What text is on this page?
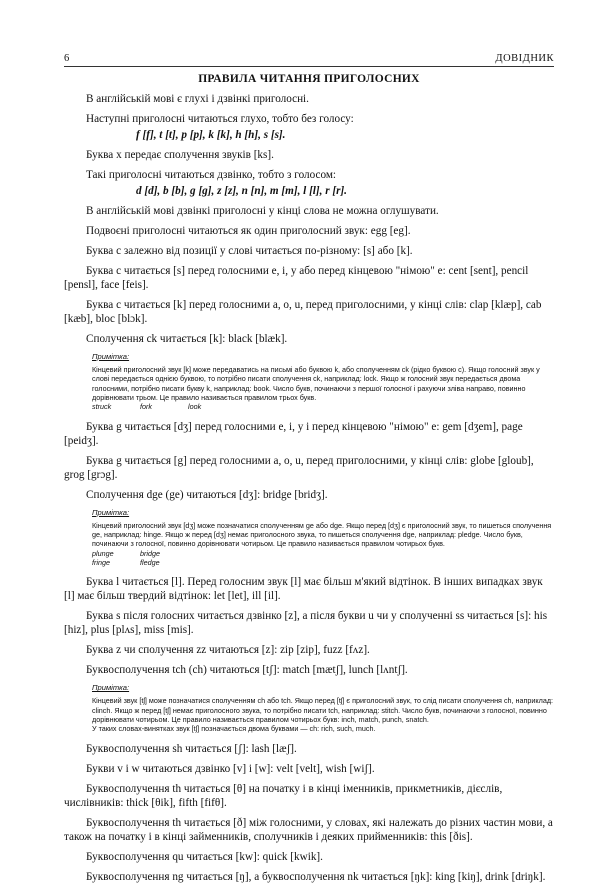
6	ДОВІДНИК
ПРАВИЛА ЧИТАННЯ ПРИГОЛОСНИХ

В англійській мові є глухі і дзвінкі приголосні.

Наступні приголосні читаються глухо, тобто без голосу:

f [f], t [t], p [p], k [k], h [h], s [s].

Буква x передає сполучення звуків [ks].

Такі приголосні читаються дзвінко, тобто з голосом:

d [d], b [b], g [g], z [z], n [n], m [m], l [l], r [r].

В англійській мові дзвінкі приголосні у кінці слова не можна оглушувати.

Подвоєні приголосні читаються як один приголосний звук: egg [eg].

Буква c залежно від позиції у слові читається по-різному: [s] або [k].

Буква c читається [s] перед голосними e, i, y або перед кінцевою "німою" e: cent [sent], pencil [pensl], face [feis].

Буква c читається [k] перед голосними a, o, u, перед приголосними, у кінці слів: clap [klæp], cab [kæb], bloc [blɔk].

Сполучення ck читається [k]: black [blæk].

Примітка:

Кінцевий приголосний звук [k] може передаватись на письмі або буквою k, або сполученням ck (рідко буквою c). Якщо голосний звук у слові передається однією буквою, то потрібно писати сполучення ck, наприклад: lock. Якщо ж голосний звук передається двома голосними, потрібно писати букву k, наприклад: book. Число букв, починаючи з першої голосної і рахуючи зліва направо, повинно дорівнювати трьом. Це правило називається правилом трьох букв.

struck	fork	look

Буква g читається [dʒ] перед голосними e, i, y і перед кінцевою "німою" e: gem [dʒem], page [peidʒ].

Буква g читається [g] перед голосними a, o, u, перед приголосними, у кінці слів: globe [gloub], grog [grɔg].

Сполучення dge (ge) читаються [dʒ]: bridge [bridʒ].

Примітка:

Кінцевий приголосний звук [dʒ] може позначатися сполученням ge або dge. Якщо перед [dʒ] є приголосний звук, то пишеться сполучення ge, наприклад: hinge. Якщо ж перед [dʒ] немає приголосного звука, то пишеться сполучення dge, наприклад: pledge. Число букв, починаючи з голосної, повинно дорівнювати чотирьом. Це правило називається правилом чотирьох букв.

plunge	bridge
fringe	fledge

Буква l читається [l]. Перед голосним звук [l] має більш м'який відтінок. В інших випадках звук [l] має більш твердий відтінок: let [let], ill [il].

Буква s після голосних читається дзвінко [z], а після букви u чи у сполученні ss читається [s]: his [hiz], plus [plʌs], miss [mis].

Буква z чи сполучення zz читаються [z]: zip [zip], fuzz [fʌz].

Буквосполучення tch (ch) читаються [tʃ]: match [mætʃ], lunch [lʌntʃ].

Примітка:

Кінцевий звук [tʃ] може позначатися сполученням ch або tch. Якщо перед [tʃ] є приголосний звук, то слід писати сполучення ch, наприклад: clinch. Якщо ж перед [tʃ] немає приголосного звука, то потрібно писати tch, наприклад: stitch. Число букв, починаючи з голосної, повинно дорівнювати чотирьом. Це правило називається правилом чотирьох букв: inch, match, punch, snatch.

У таких словах-винятках звук [tʃ] позначається двома буквами — ch: rich, such, much.

Буквосполучення sh читається [ʃ]: lash [læʃ].

Букви v і w читаються дзвінко [v] і [w]: velt [velt], wish [wiʃ].

Буквосполучення th читається [θ] на початку і в кінці іменників, прикметників, дієслів, числівників: thick [θik], fifth [fifθ].

Буквосполучення th читається [ð] між голосними, у словах, які належать до різних частин мови, а також на початку і в кінці займенників, сполучників і деяких прийменників: this [ðis].

Буквосполучення qu читається [kw]: quick [kwik].

Буквосполучення ng читається [ŋ], а буквосполучення nk читається [ŋk]: king [kiŋ], drink [driŋk].
